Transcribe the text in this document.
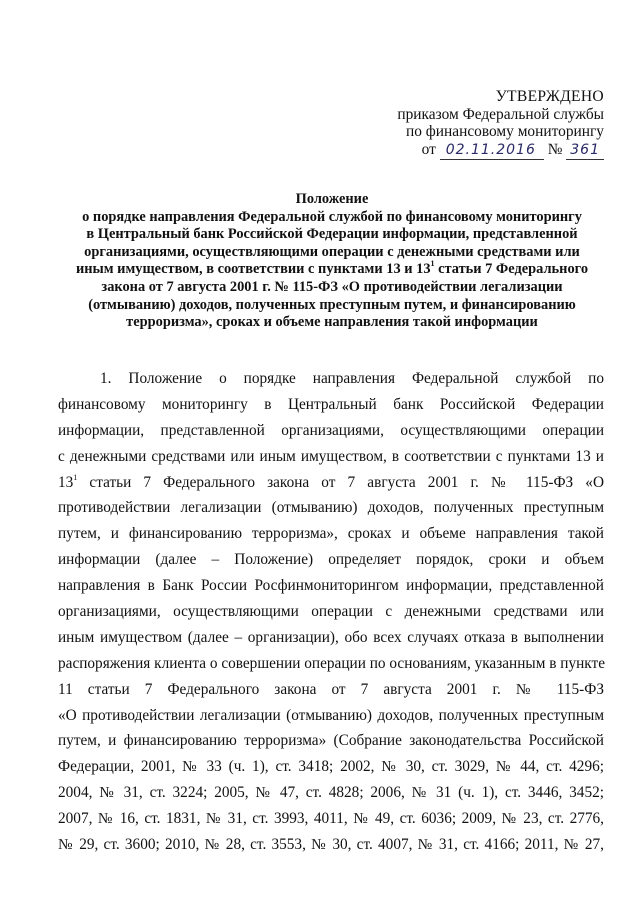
УТВЕРЖДЕНО
приказом Федеральной службы
по финансовому мониторингу
от 02.11.2016 № 361
Положение
о порядке направления Федеральной службой по финансовому мониторингу
в Центральный банк Российской Федерации информации, представленной
организациями, осуществляющими операции с денежными средствами или
иным имуществом, в соответствии с пунктами 13 и $13^1$ статьи 7 Федерального
закона от 7 августа 2001 г. № 115-ФЗ «О противодействии легализации
(отмыванию) доходов, полученных преступным путем, и финансированию
терроризма», сроках и объеме направления такой информации
1. Положение о порядке направления Федеральной службой по
финансовому мониторингу в Центральный банк Российской Федерации
информации, представленной организациями, осуществляющими операции
с денежными средствами или иным имуществом, в соответствии с пунктами 13 и
$13^1$ статьи 7 Федерального закона от 7 августа 2001 г. № 115-ФЗ «О
противодействии легализации (отмыванию) доходов, полученных преступным
путем, и финансированию терроризма», сроках и объеме направления такой
информации (далее – Положение) определяет порядок, сроки и объем
направления в Банк России Росфинмониторингом информации, представленной
организациями, осуществляющими операции с денежными средствами или
иным имуществом (далее – организации), обо всех случаях отказа в выполнении
распоряжения клиента о совершении операции по основаниям, указанным в пункте
11 статьи 7 Федерального закона от 7 августа 2001 г. № 115-ФЗ
«О противодействии легализации (отмыванию) доходов, полученных преступным
путем, и финансированию терроризма» (Собрание законодательства Российской
Федерации, 2001, № 33 (ч. 1), ст. 3418; 2002, № 30, ст. 3029, № 44, ст. 4296;
2004, № 31, ст. 3224; 2005, № 47, ст. 4828; 2006, № 31 (ч. 1), ст. 3446, 3452;
2007, № 16, ст. 1831, № 31, ст. 3993, 4011, № 49, ст. 6036; 2009, № 23, ст. 2776,
№ 29, ст. 3600; 2010, № 28, ст. 3553, № 30, ст. 4007, № 31, ст. 4166; 2011, № 27,
